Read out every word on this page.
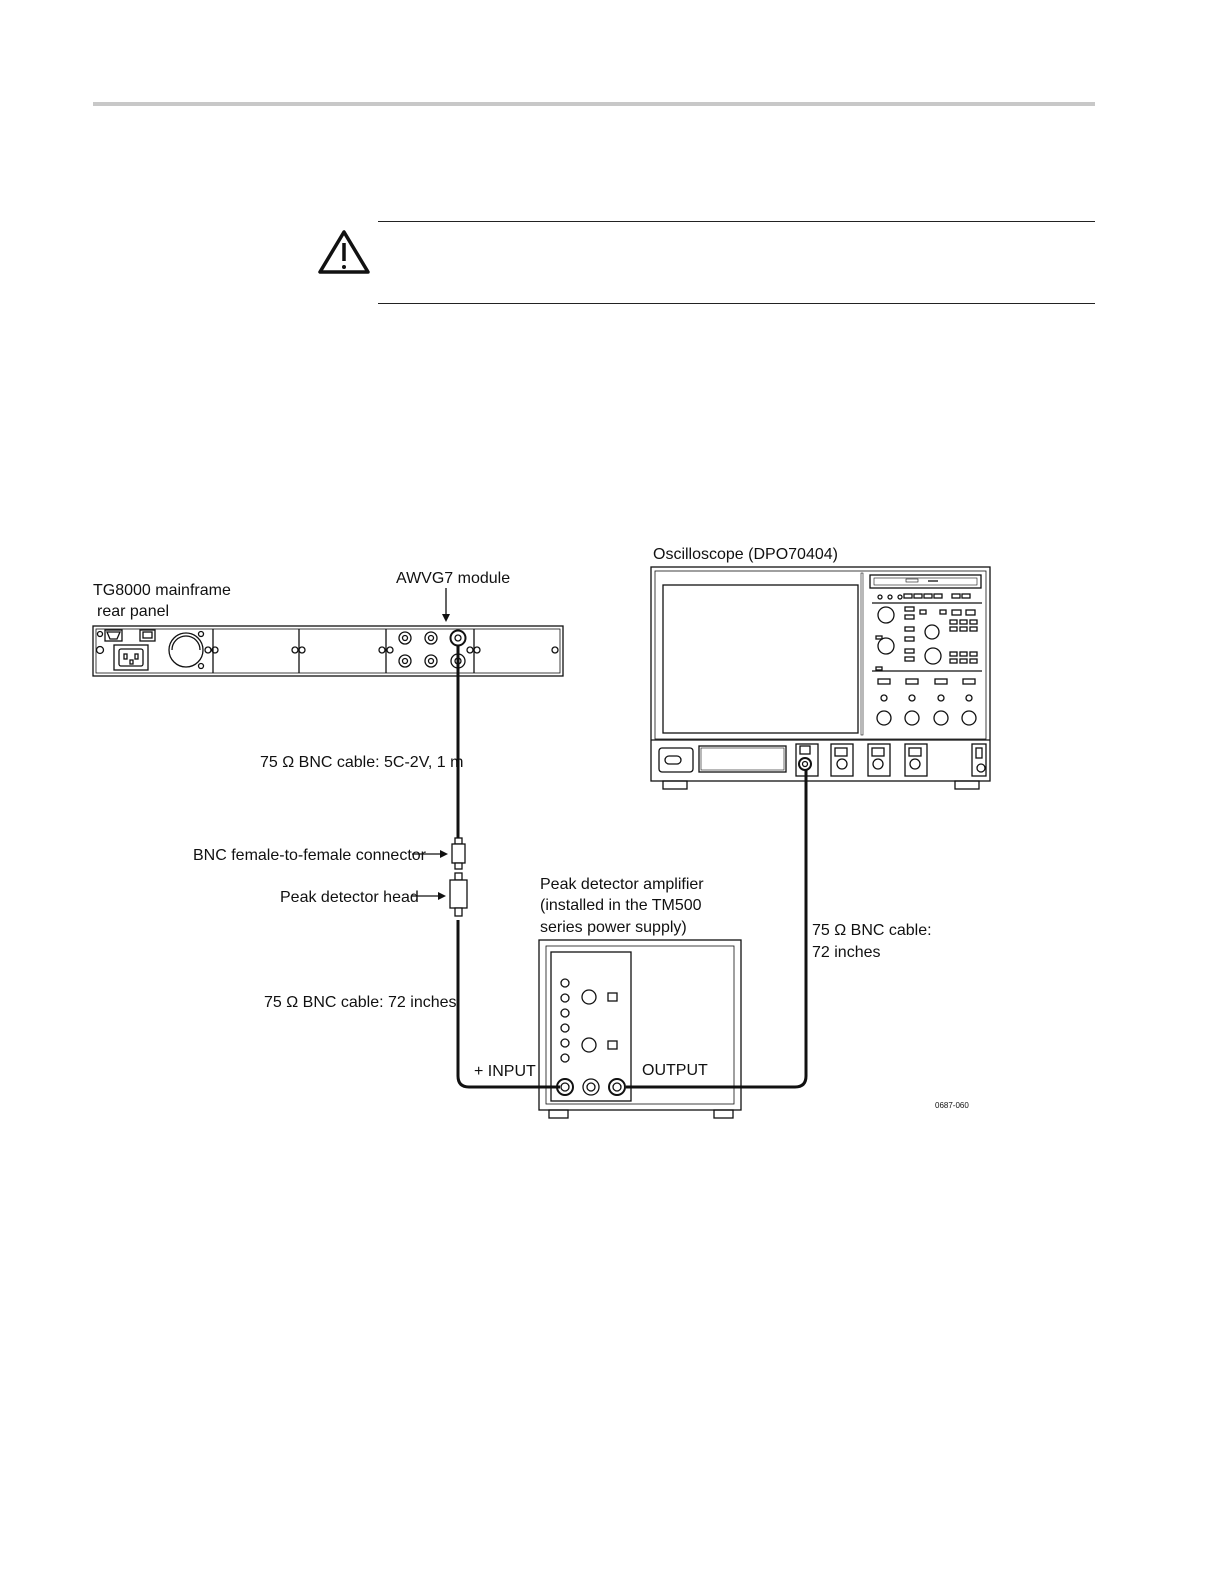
TG8000 mainframe
rear panel
AWVG7 module
Oscilloscope (DPO70404)
75 Ω BNC cable: 5C-2V, 1 m
BNC female-to-female connector
Peak detector head
Peak detector amplifier
(installed in the TM500
series power supply)	75 Ω BNC cable:
72 inches
75 Ω BNC cable: 72 inches
+ INPUT	OUTPUT
0687-060
